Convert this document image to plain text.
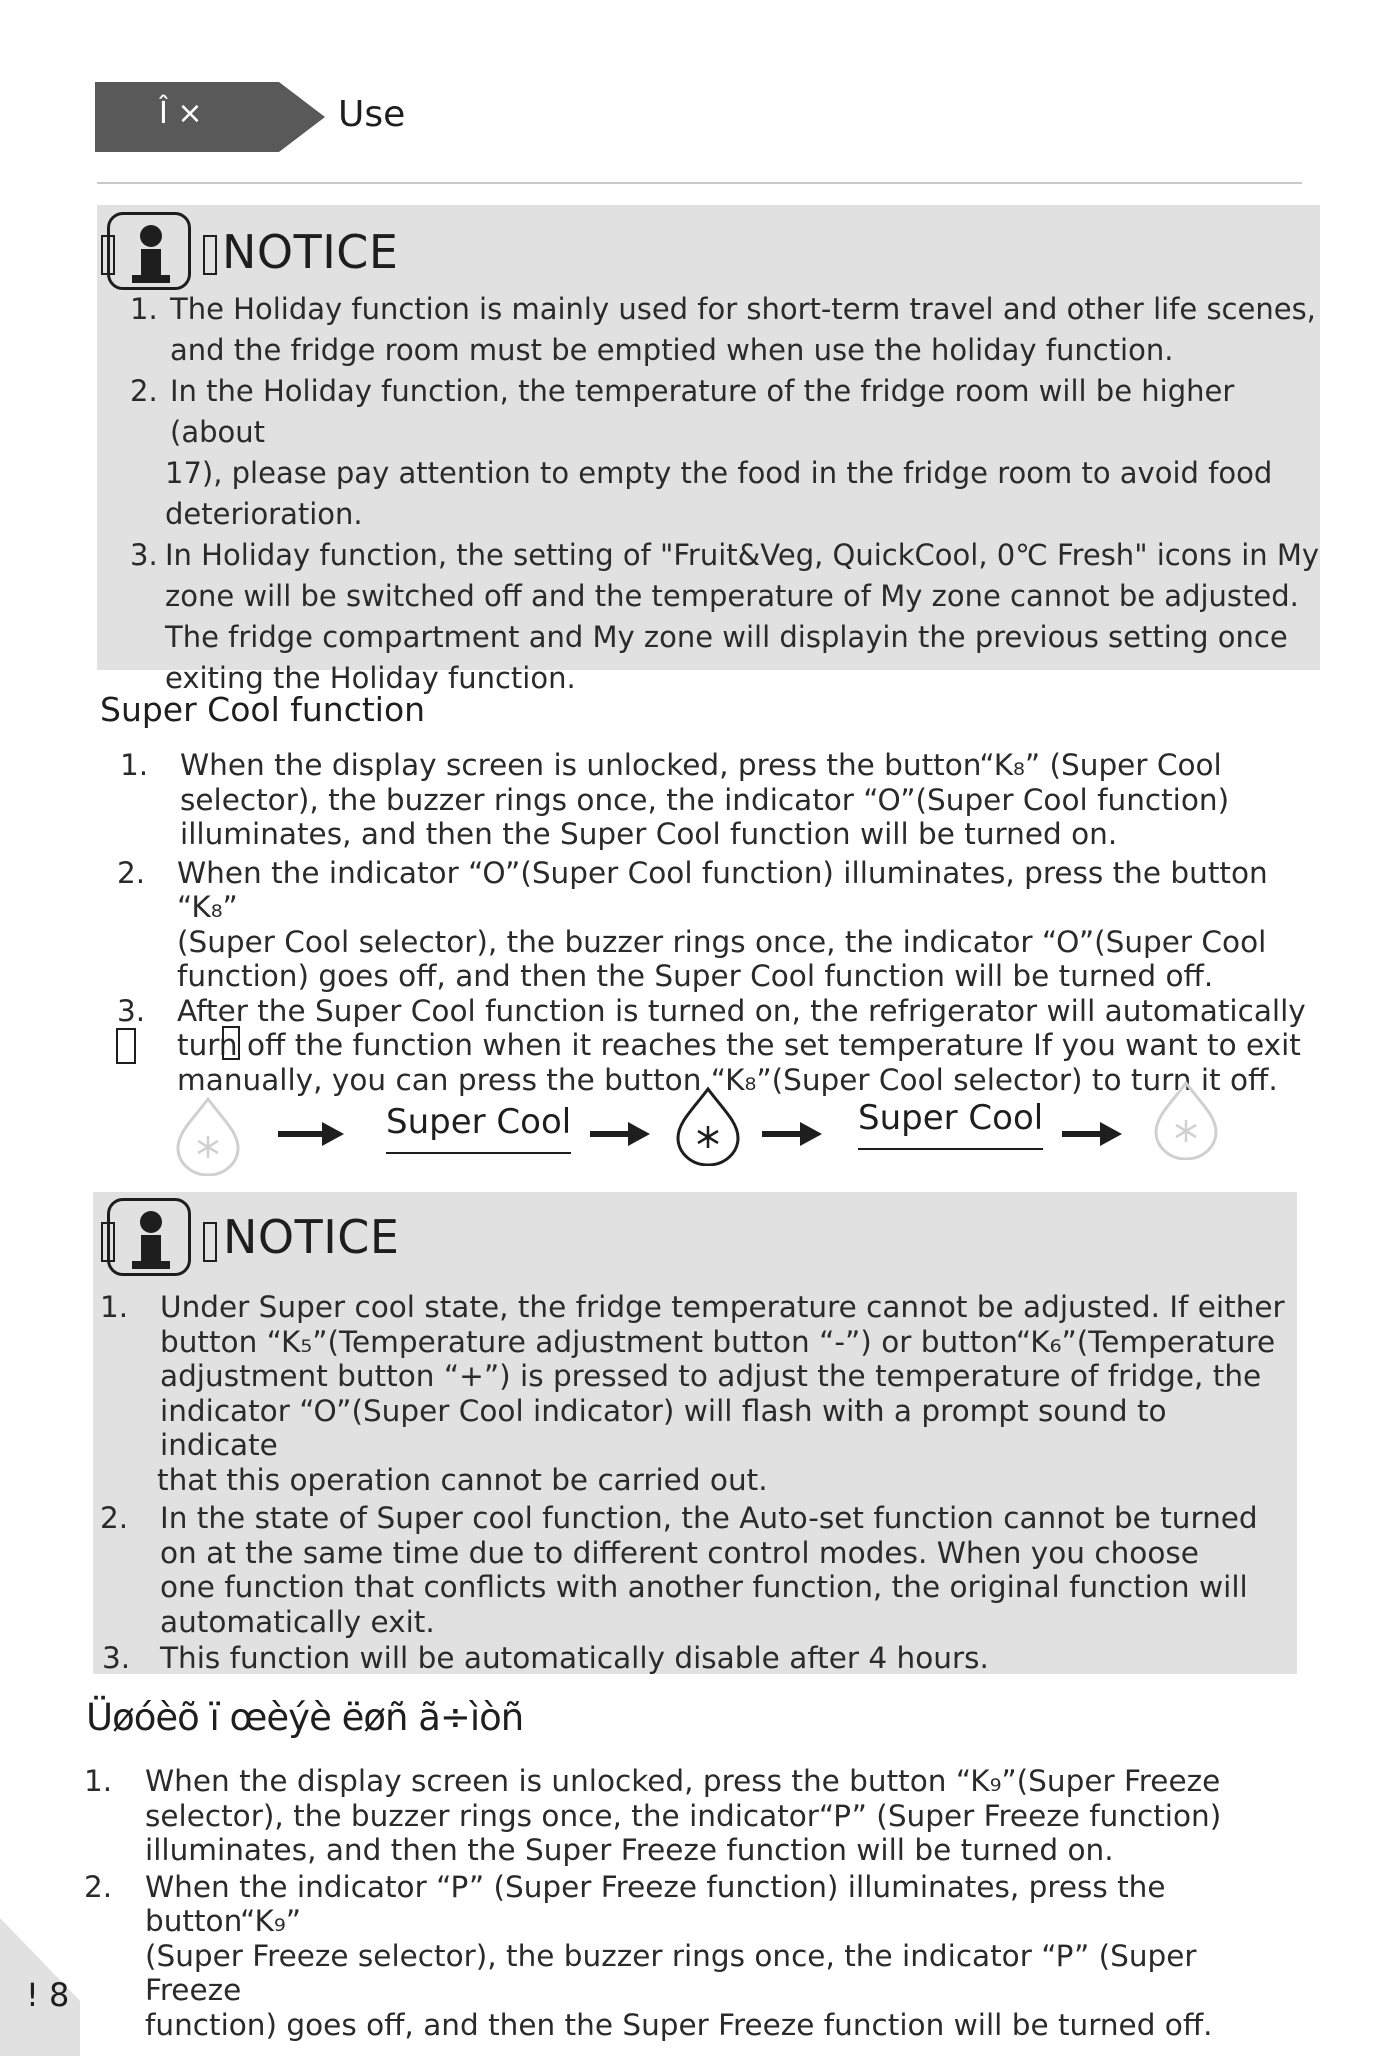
Î ×	Use
NOTICE
1. The Holiday function is mainly used for short-term travel and other life scenes,
and the fridge room must be emptied when use the holiday function.
2. In the Holiday function, the temperature of the fridge room will be higher (about
17), please pay attention to empty the food in the fridge room to avoid food
deterioration.
3. In Holiday function, the setting of "Fruit&Veg, QuickCool, 0℃ Fresh" icons in My
zone will be switched off and the temperature of My zone cannot be adjusted.
The fridge compartment and My zone will displayin the previous setting once
exiting the Holiday function.
Super Cool function
1. When the display screen is unlocked, press the button“K₈” (Super Cool
selector), the buzzer rings once, the indicator “O”(Super Cool function)
illuminates, and then the Super Cool function will be turned on.
2. When the indicator “O”(Super Cool function) illuminates, press the button “K₈”
(Super Cool selector), the buzzer rings once, the indicator “O”(Super Cool
function) goes off, and then the Super Cool function will be turned off.
3. After the Super Cool function is turned on, the refrigerator will automatically
turn off the function when it reaches the set temperature If you want to exit
manually, you can press the button “K₈”(Super Cool selector) to turn it off.
Super Cool	Super Cool
NOTICE
1. Under Super cool state, the fridge temperature cannot be adjusted. If either
button “K₅”(Temperature adjustment button “-”) or button“K₆”(Temperature
adjustment button “+”) is pressed to adjust the temperature of fridge, the
indicator “O”(Super Cool indicator) will flash with a prompt sound to indicate
that this operation cannot be carried out.
2. In the state of Super cool function, the Auto-set function cannot be turned
on at the same time due to different control modes. When you choose
one function that conflicts with another function, the original function will
automatically exit.
3. This function will be automatically disable after 4 hours.
Üøóèõ ï œèýè ëøñ ã÷ìòñ
1. When the display screen is unlocked, press the button “K₉”(Super Freeze
selector), the buzzer rings once, the indicator“P” (Super Freeze function)
illuminates, and then the Super Freeze function will be turned on.
2. When the indicator “P” (Super Freeze function) illuminates, press the button“K₉”
(Super Freeze selector), the buzzer rings once, the indicator “P” (Super Freeze
function) goes off, and then the Super Freeze function will be turned off.
! 8
